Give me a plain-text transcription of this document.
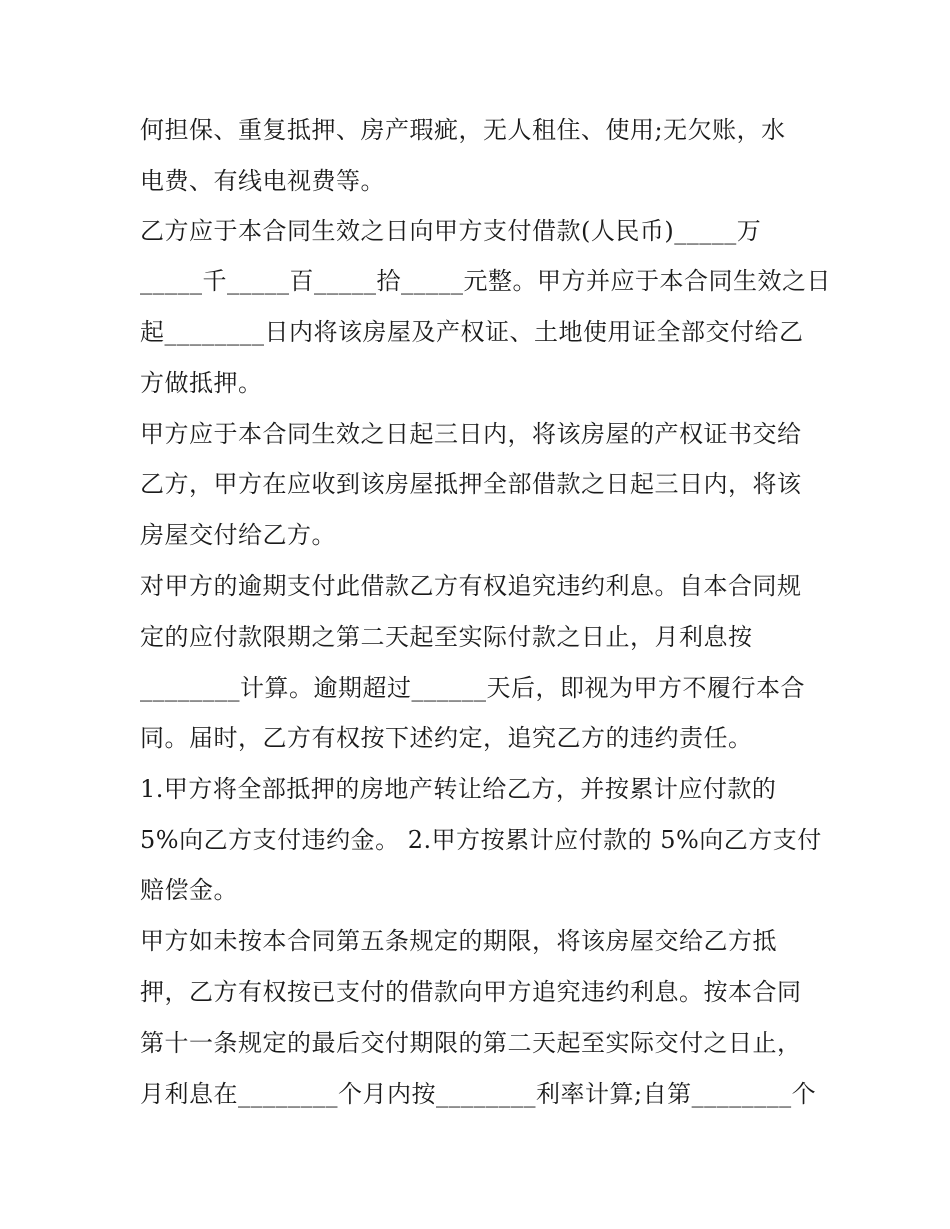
何担保、重复抵押、房产瑕疵，无人租住、使用;无欠账，水
电费、有线电视费等。
乙方应于本合同生效之日向甲方支付借款(人民币)_____万
_____千_____百_____拾_____元整。甲方并应于本合同生效之日
起________日内将该房屋及产权证、土地使用证全部交付给乙
方做抵押。
甲方应于本合同生效之日起三日内，将该房屋的产权证书交给
乙方，甲方在应收到该房屋抵押全部借款之日起三日内，将该
房屋交付给乙方。
对甲方的逾期支付此借款乙方有权追究违约利息。自本合同规
定的应付款限期之第二天起至实际付款之日止，月利息按
________计算。逾期超过______天后，即视为甲方不履行本合
同。届时，乙方有权按下述约定，追究乙方的违约责任。
1.甲方将全部抵押的房地产转让给乙方，并按累计应付款的
5%向乙方支付违约金。 2.甲方按累计应付款的 5%向乙方支付
赔偿金。
甲方如未按本合同第五条规定的期限，将该房屋交给乙方抵
押，乙方有权按已支付的借款向甲方追究违约利息。按本合同
第十一条规定的最后交付期限的第二天起至实际交付之日止，
月利息在________个月内按________利率计算;自第________个
